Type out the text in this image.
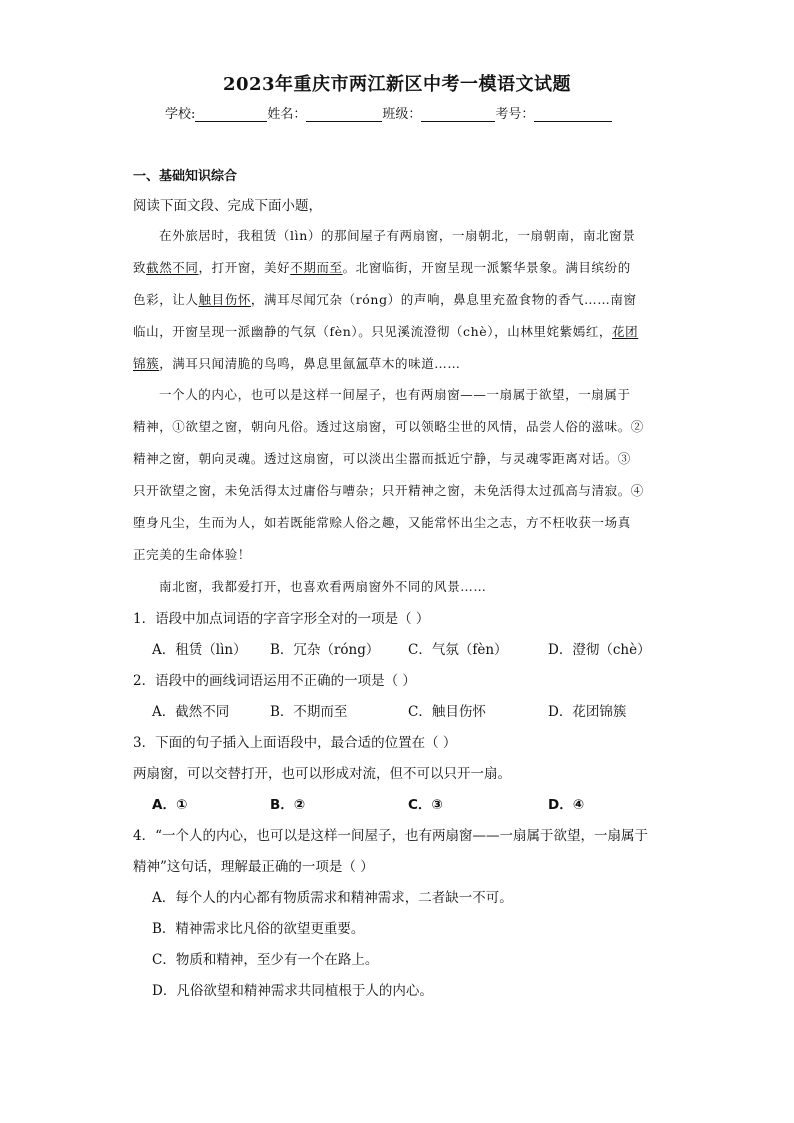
2023年重庆市两江新区中考一模语文试题
学校:	姓名：	班级：	考号：
一、基础知识综合
阅读下面文段、完成下面小题，
在外旅居时，我租赁（lìn）的那间屋子有两扇窗，一扇朝北，一扇朝南，南北窗景
致截然不同，打开窗，美好不期而至。北窗临街，开窗呈现一派繁华景象。满目缤纷的
色彩，让人触目伤怀，满耳尽闻冗杂（róng）的声响，鼻息里充盈食物的香气……南窗
临山，开窗呈现一派幽静的气氛（fèn）。只见溪流澄彻（chè），山林里姹紫嫣红，花团
锦簇，满耳只闻清脆的鸟鸣，鼻息里氤氲草木的味道……
一个人的内心，也可以是这样一间屋子，也有两扇窗——一扇属于欲望，一扇属于
精神，①欲望之窗，朝向凡俗。透过这扇窗，可以领略尘世的风情，品尝人俗的滋味。②
精神之窗，朝向灵魂。透过这扇窗，可以淡出尘嚣而抵近宁静，与灵魂零距离对话。③
只开欲望之窗，未免活得太过庸俗与嘈杂；只开精神之窗，未免活得太过孤高与清寂。④
堕身凡尘，生而为人，如若既能常赊人俗之趣，又能常怀出尘之志，方不枉收获一场真
正完美的生命体验！
南北窗，我都爱打开，也喜欢看两扇窗外不同的风景……
1．语段中加点词语的字音字形全对的一项是（ ）
A．租赁（lìn） B．冗杂（róng） C．气氛（fèn）	D．澄彻（chè）
2．语段中的画线词语运用不正确的一项是（ ）
A．截然不同	B．不期而至	C．触目伤怀	D．花团锦簇
3．下面的句子插入上面语段中，最合适的位置在（ ）
两扇窗，可以交替打开，也可以形成对流，但不可以只开一扇。
A．①	B．②	C．③	D．④
4．“一个人的内心，也可以是这样一间屋子，也有两扇窗——一扇属于欲望，一扇属于
精神”这句话，理解最正确的一项是（ ）
A．每个人的内心都有物质需求和精神需求，二者缺一不可。
B．精神需求比凡俗的欲望更重要。
C．物质和精神，至少有一个在路上。
D．凡俗欲望和精神需求共同植根于人的内心。
